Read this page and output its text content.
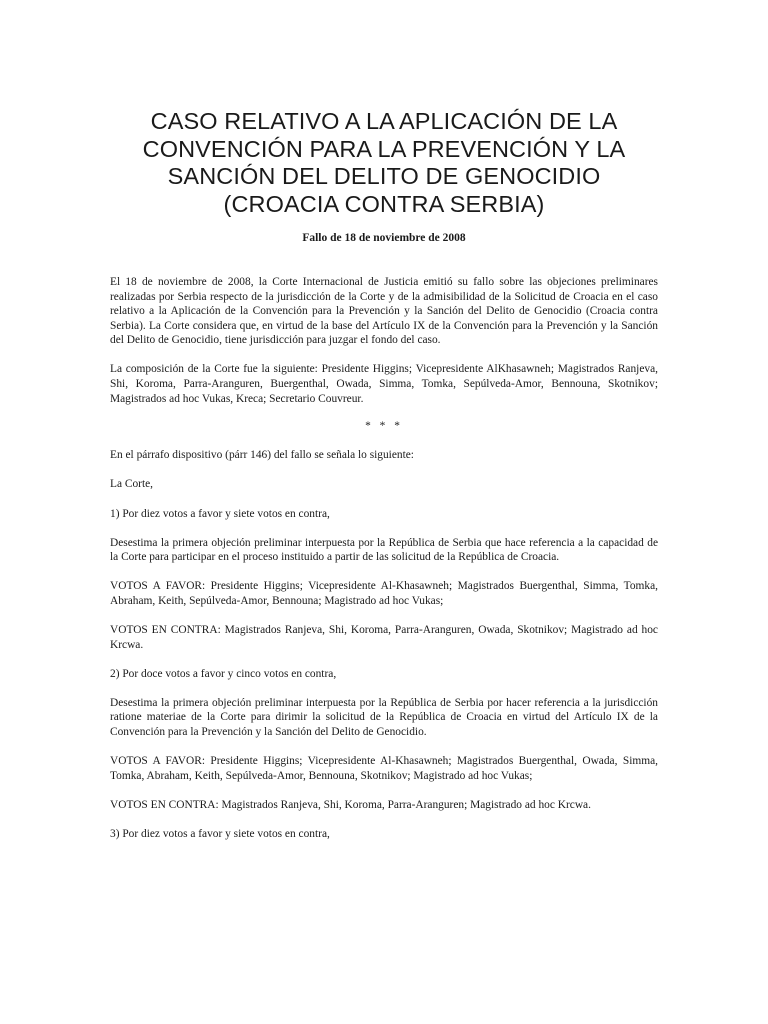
CASO RELATIVO A LA APLICACIÓN DE LA CONVENCIÓN PARA LA PREVENCIÓN Y LA SANCIÓN DEL DELITO DE GENOCIDIO (CROACIA CONTRA SERBIA)
Fallo de 18 de noviembre de 2008

El 18 de noviembre de 2008, la Corte Internacional de Justicia emitió su fallo sobre las objeciones preliminares realizadas por Serbia respecto de la jurisdicción de la Corte y de la admisibilidad de la Solicitud de Croacia en el caso relativo a la Aplicación de la Convención para la Prevención y la Sanción del Delito de Genocidio (Croacia contra Serbia). La Corte considera que, en virtud de la base del Artículo IX de la Convención para la Prevención y la Sanción del Delito de Genocidio, tiene jurisdicción para juzgar el fondo del caso.

La composición de la Corte fue la siguiente: Presidente Higgins; Vicepresidente AlKhasawneh; Magistrados Ranjeva, Shi, Koroma, Parra-Aranguren, Buergenthal, Owada, Simma, Tomka, Sepúlveda-Amor, Bennouna, Skotnikov; Magistrados ad hoc Vukas, Kreca; Secretario Couvreur.

* * *

En el párrafo dispositivo (párr 146) del fallo se señala lo siguiente:

La Corte,

1) Por diez votos a favor y siete votos en contra,

Desestima la primera objeción preliminar interpuesta por la República de Serbia que hace referencia a la capacidad de la Corte para participar en el proceso instituido a partir de las solicitud de la República de Croacia.

VOTOS A FAVOR: Presidente Higgins; Vicepresidente Al-Khasawneh; Magistrados Buergenthal, Simma, Tomka, Abraham, Keith, Sepúlveda-Amor, Bennouna; Magistrado ad hoc Vukas;

VOTOS EN CONTRA: Magistrados Ranjeva, Shi, Koroma, Parra-Aranguren, Owada, Skotnikov; Magistrado ad hoc Krcwa.

2) Por doce votos a favor y cinco votos en contra,

Desestima la primera objeción preliminar interpuesta por la República de Serbia por hacer referencia a la jurisdicción ratione materiae de la Corte para dirimir la solicitud de la República de Croacia en virtud del Artículo IX de la Convención para la Prevención y la Sanción del Delito de Genocidio.

VOTOS A FAVOR: Presidente Higgins; Vicepresidente Al-Khasawneh; Magistrados Buergenthal, Owada, Simma, Tomka, Abraham, Keith, Sepúlveda-Amor, Bennouna, Skotnikov; Magistrado ad hoc Vukas;

VOTOS EN CONTRA: Magistrados Ranjeva, Shi, Koroma, Parra-Aranguren; Magistrado ad hoc Krcwa.

3) Por diez votos a favor y siete votos en contra,
